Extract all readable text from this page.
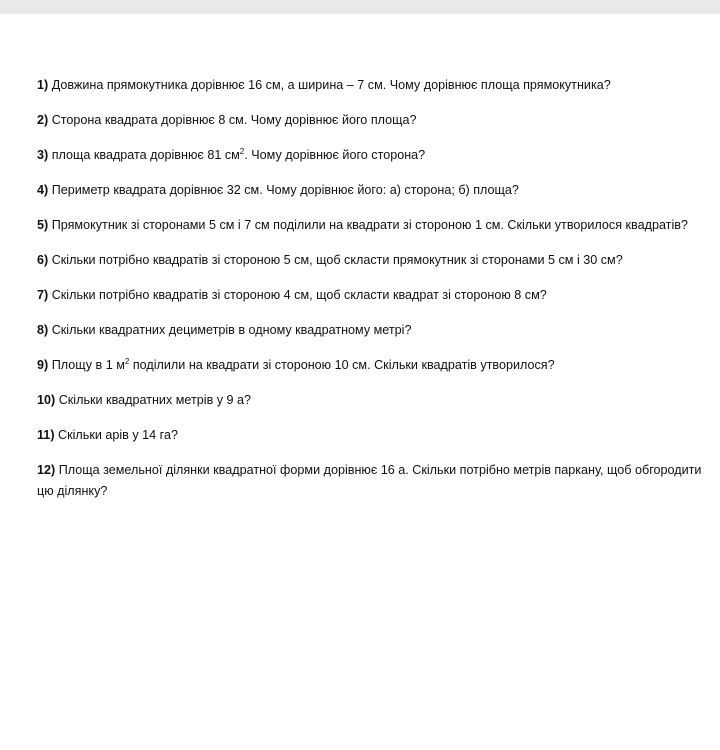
1) Довжина прямокутника дорівнює 16 см, а ширина – 7 см. Чому дорівнює площа прямокутника?
2) Сторона квадрата дорівнює 8 см. Чому дорівнює його площа?
3) площа квадрата дорівнює 81 $см^2$. Чому дорівнює його сторона?
4) Периметр квадрата дорівнює 32 см. Чому дорівнює його: а) сторона; б) площа?
5) Прямокутник зі сторонами 5 см і 7 см поділили на квадрати зі стороною 1 см. Скільки утворилося квадратів?
6) Скільки потрібно квадратів зі стороною 5 см, щоб скласти прямокутник зі сторонами 5 см і 30 см?
7) Скільки потрібно квадратів зі стороною 4 см, щоб скласти квадрат зі стороною 8 см?
8) Скільки квадратних дециметрів в одному квадратному метрі?
9) Площу в 1 $м^2$ поділили на квадрати зі стороною 10 см. Скільки квадратів утворилося?
10) Скільки квадратних метрів у 9 а?
11) Скільки арів у 14 га?
12) Площа земельної ділянки квадратної форми дорівнює 16 а. Скільки потрібно метрів паркану, щоб обгородити цю ділянку?
